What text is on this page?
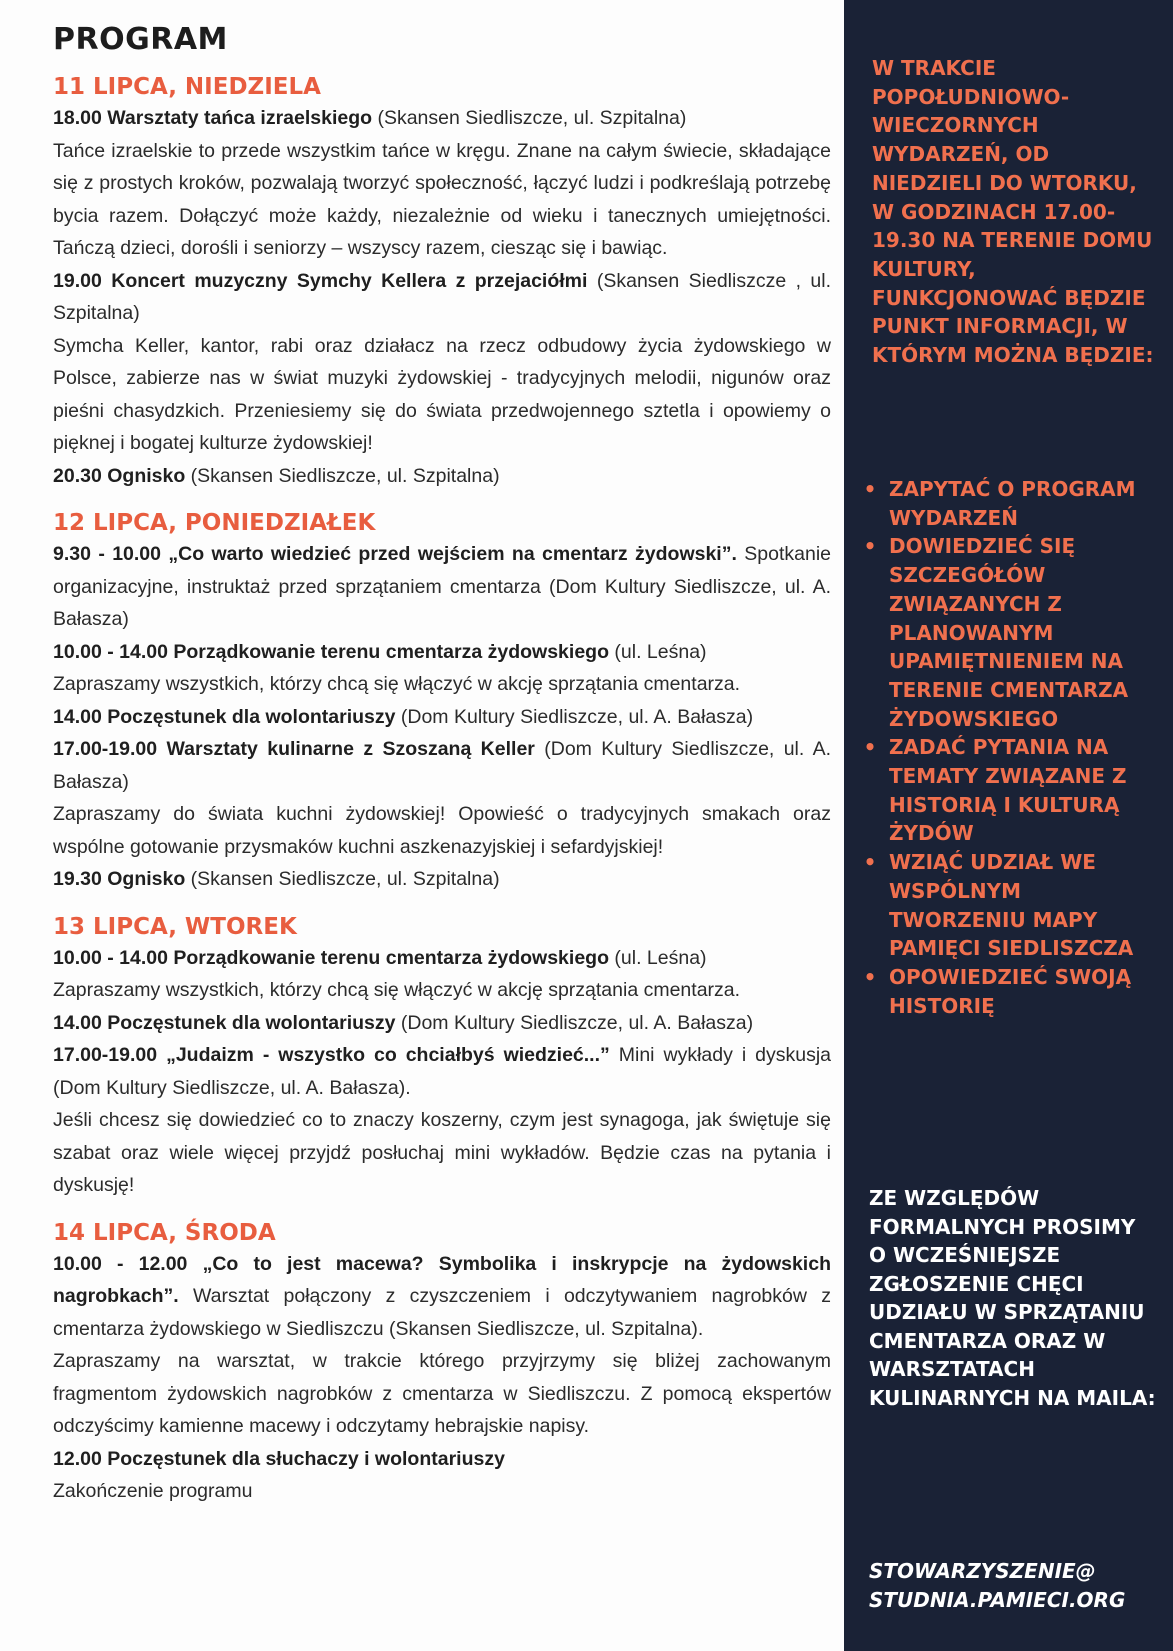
PROGRAM
11 LIPCA, NIEDZIELA

18.00 Warsztaty tańca izraelskiego (Skansen Siedliszcze, ul. Szpitalna)

Tańce izraelskie to przede wszystkim tańce w kręgu. Znane na całym świecie, składające się z prostych kroków, pozwalają tworzyć społeczność, łączyć ludzi i podkreślają potrzebę bycia razem. Dołączyć może każdy, niezależnie od wieku i tanecznych umiejętności. Tańczą dzieci, dorośli i seniorzy – wszyscy razem, ciesząc się i bawiąc.

19.00 Koncert muzyczny Symchy Kellera z przejaciółmi (Skansen Siedliszcze , ul. Szpitalna)

Symcha Keller, kantor, rabi oraz działacz na rzecz odbudowy życia żydowskiego w Polsce, zabierze nas w świat muzyki żydowskiej - tradycyjnych melodii, nigunów oraz pieśni chasydzkich. Przeniesiemy się do świata przedwojennego sztetla i opowiemy o pięknej i bogatej kulturze żydowskiej!

20.30 Ognisko (Skansen Siedliszcze, ul. Szpitalna)

12 LIPCA, PONIEDZIAŁEK

9.30 - 10.00 „Co warto wiedzieć przed wejściem na cmentarz żydowski”. Spotkanie organizacyjne, instruktaż przed sprzątaniem cmentarza (Dom Kultury Siedliszcze, ul. A. Bałasza)

10.00 - 14.00 Porządkowanie terenu cmentarza żydowskiego (ul. Leśna)

Zapraszamy wszystkich, którzy chcą się włączyć w akcję sprzątania cmentarza.

14.00 Poczęstunek dla wolontariuszy (Dom Kultury Siedliszcze, ul. A. Bałasza)

17.00-19.00 Warsztaty kulinarne z Szoszaną Keller (Dom Kultury Siedliszcze, ul. A. Bałasza)

Zapraszamy do świata kuchni żydowskiej! Opowieść o tradycyjnych smakach oraz wspólne gotowanie przysmaków kuchni aszkenazyjskiej i sefardyjskiej!

19.30 Ognisko (Skansen Siedliszcze, ul. Szpitalna)

13 LIPCA, WTOREK

10.00 - 14.00 Porządkowanie terenu cmentarza żydowskiego (ul. Leśna)

Zapraszamy wszystkich, którzy chcą się włączyć w akcję sprzątania cmentarza.

14.00 Poczęstunek dla wolontariuszy (Dom Kultury Siedliszcze, ul. A. Bałasza)

17.00-19.00 „Judaizm - wszystko co chciałbyś wiedzieć...” Mini wykłady i dyskusja (Dom Kultury Siedliszcze, ul. A. Bałasza).

Jeśli chcesz się dowiedzieć co to znaczy koszerny, czym jest synagoga, jak świętuje się szabat oraz wiele więcej przyjdź posłuchaj mini wykładów. Będzie czas na pytania i dyskusję!

14 LIPCA, ŚRODA

10.00 - 12.00 „Co to jest macewa? Symbolika i inskrypcje na żydowskich nagrobkach”. Warsztat połączony z czyszczeniem i odczytywaniem nagrobków z cmentarza żydowskiego w Siedliszczu (Skansen Siedliszcze, ul. Szpitalna).

Zapraszamy na warsztat, w trakcie którego przyjrzymy się bliżej zachowanym fragmentom żydowskich nagrobków z cmentarza w Siedliszczu. Z pomocą ekspertów odczyścimy kamienne macewy i odczytamy hebrajskie napisy.

12.00 Poczęstunek dla słuchaczy i wolontariuszy

Zakończenie programu

W TRAKCIE POPOŁUDNIOWO-WIECZORNYCH WYDARZEŃ, OD NIEDZIELI DO WTORKU, W GODZINACH 17.00-19.30 NA TERENIE DOMU KULTURY, FUNKCJONOWAĆ BĘDZIE PUNKT INFORMACJI, W KTÓRYM MOŻNA BĘDZIE:
• ZAPYTAĆ O PROGRAM WYDARZEŃ
• DOWIEDZIEĆ SIĘ SZCZEGÓŁÓW ZWIĄZANYCH Z PLANOWANYM UPAMIĘTNIENIEM NA TERENIE CMENTARZA ŻYDOWSKIEGO
• ZADAĆ PYTANIA NA TEMATY ZWIĄZANE Z HISTORIĄ I KULTURĄ ŻYDÓW
• WZIĄĆ UDZIAŁ WE WSPÓLNYM TWORZENIU MAPY PAMIĘCI SIEDLISZCZA
• OPOWIEDZIEĆ SWOJĄ HISTORIĘ
ZE WZGLĘDÓW FORMALNYCH PROSIMY O WCZEŚNIEJSZE ZGŁOSZENIE CHĘCI UDZIAŁU W SPRZĄTANIU CMENTARZA ORAZ W WARSZTATACH KULINARNYCH NA MAILA:
STOWARZYSZENIE@
STUDNIA.PAMIECI.ORG
